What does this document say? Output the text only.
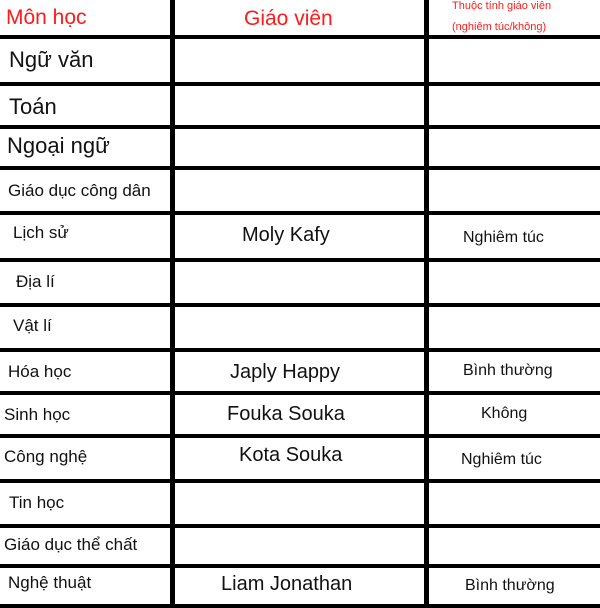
Môn học	Giáo viên
Thuộc tính giáo viên
(nghiêm túc/không)
Ngữ văn
Toán
Ngoại ngữ
Giáo dục công dân
Lịch sử
Địa lí
Vật lí
Hóa học
Sinh học
Công nghệ
Tin học
Giáo dục thể chất
Nghệ thuật
Moly Kafy
Japly Happy
Fouka Souka
Kota Souka
Liam Jonathan
Nghiêm túc
Bình thường
Không
Nghiêm túc
Bình thường
